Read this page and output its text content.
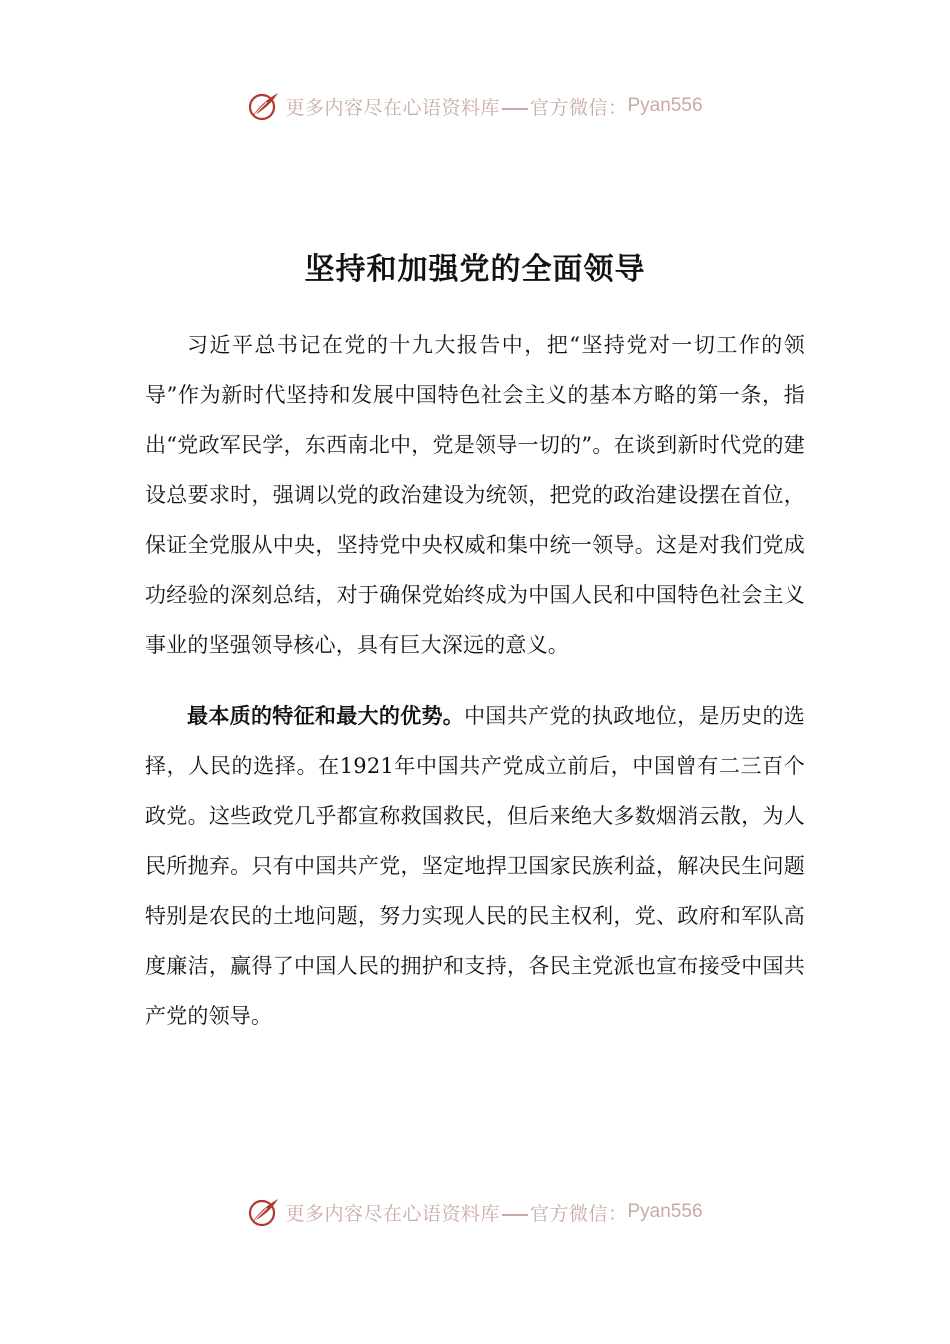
更多内容尽在心语资料库 官方微信： Pyan556
坚持和加强党的全面领导

习近平总书记在党的十九大报告中，把“坚持党对一切工作的领导”作为新时代坚持和发展中国特色社会主义的基本方略的第一条，指出“党政军民学，东西南北中，党是领导一切的”。在谈到新时代党的建设总要求时，强调以党的政治建设为统领，把党的政治建设摆在首位，保证全党服从中央，坚持党中央权威和集中统一领导。这是对我们党成功经验的深刻总结，对于确保党始终成为中国人民和中国特色社会主义事业的坚强领导核心，具有巨大深远的意义。

最本质的特征和最大的优势。中国共产党的执政地位，是历史的选择，人民的选择。在1921年中国共产党成立前后，中国曾有二三百个政党。这些政党几乎都宣称救国救民，但后来绝大多数烟消云散，为人民所抛弃。只有中国共产党，坚定地捍卫国家民族利益，解决民生问题特别是农民的土地问题，努力实现人民的民主权利，党、政府和军队高度廉洁，赢得了中国人民的拥护和支持，各民主党派也宣布接受中国共产党的领导。

更多内容尽在心语资料库 官方微信： Pyan556
